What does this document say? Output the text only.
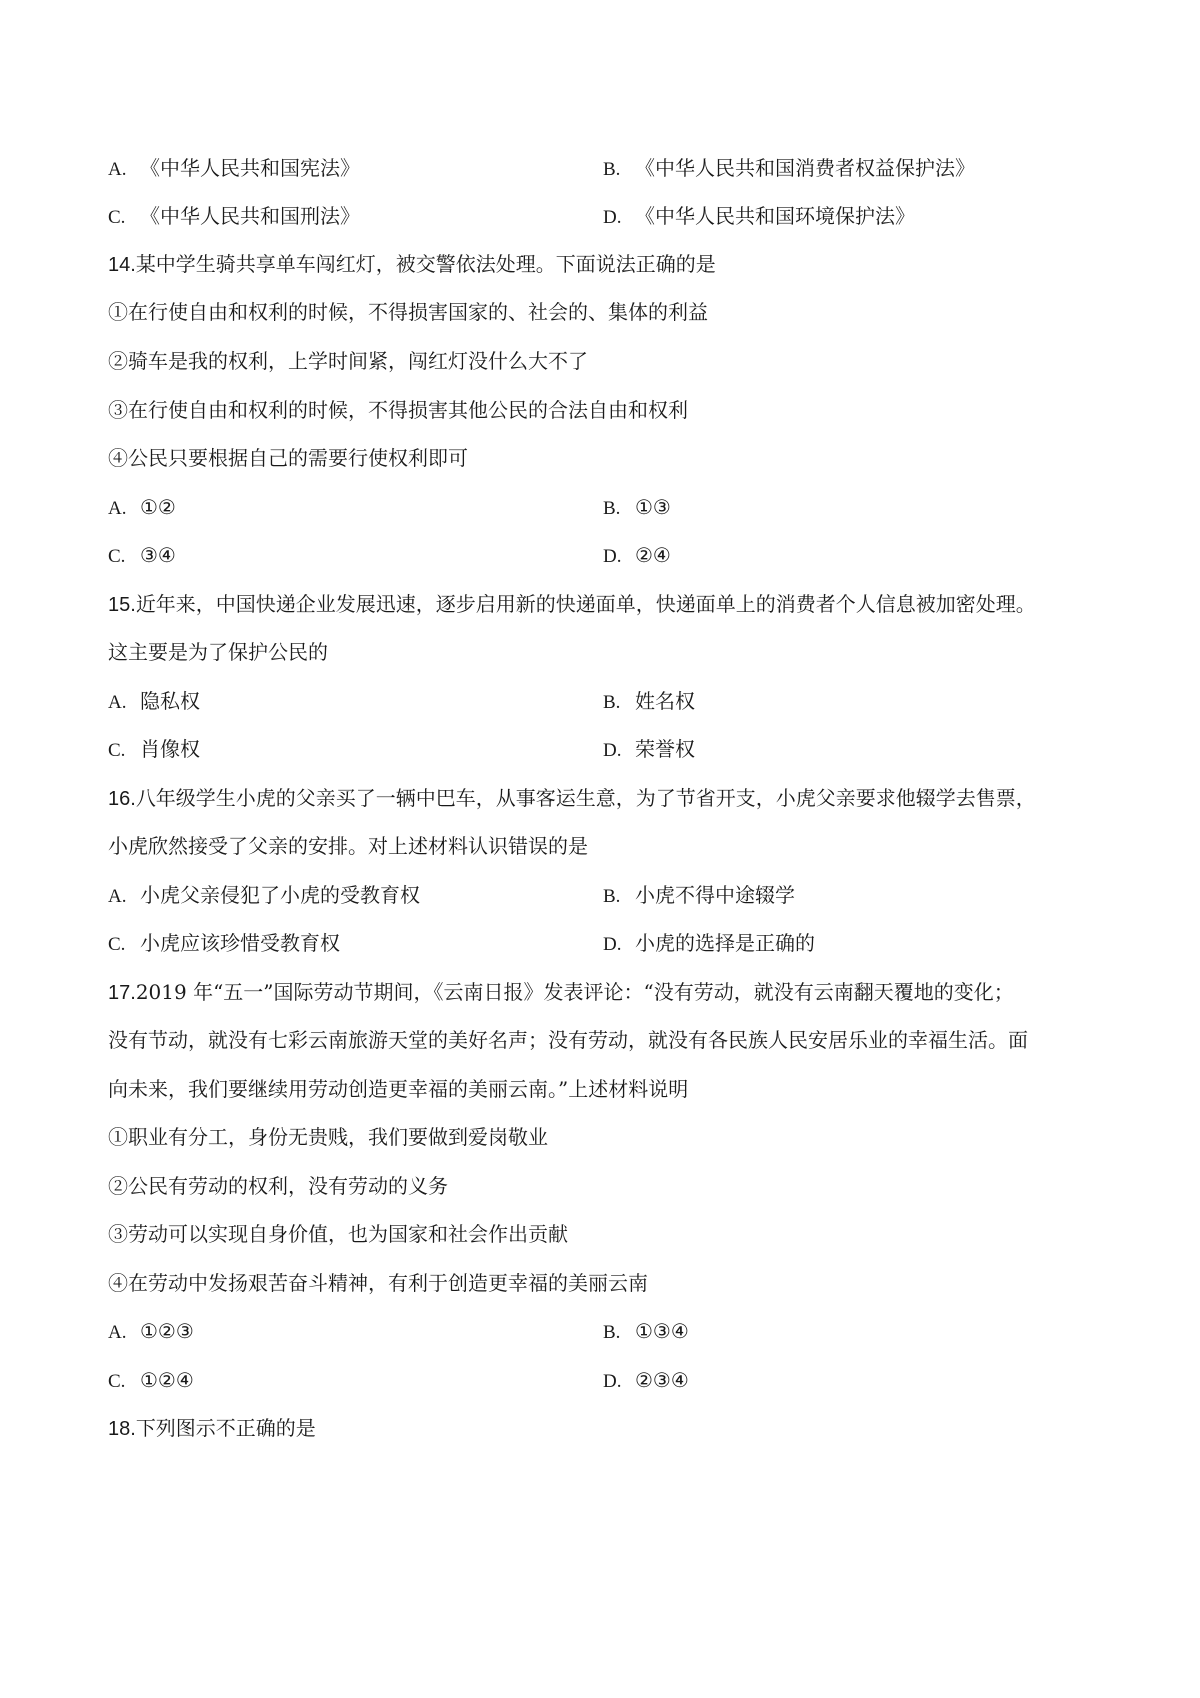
A. 《中华人民共和国宪法》	B. 《中华人民共和国消费者权益保护法》
C. 《中华人民共和国刑法》	D. 《中华人民共和国环境保护法》
14.某中学生骑共享单车闯红灯，被交警依法处理。下面说法正确的是
①在行使自由和权利的时候，不得损害国家的、社会的、集体的利益
②骑车是我的权利，上学时间紧，闯红灯没什么大不了
③在行使自由和权利的时候，不得损害其他公民的合法自由和权利
④公民只要根据自己的需要行使权利即可
A. ①②	B. ①③
C. ③④	D. ②④
15.近年来，中国快递企业发展迅速，逐步启用新的快递面单，快递面单上的消费者个人信息被加密处理。
这主要是为了保护公民的
A. 隐私权	B. 姓名权
C. 肖像权	D. 荣誉权
16.八年级学生小虎的父亲买了一辆中巴车，从事客运生意，为了节省开支，小虎父亲要求他辍学去售票，
小虎欣然接受了父亲的安排。对上述材料认识错误的是
A. 小虎父亲侵犯了小虎的受教育权	B. 小虎不得中途辍学
C. 小虎应该珍惜受教育权	D. 小虎的选择是正确的
17.2019 年“五一”国际劳动节期间，《云南日报》发表评论：“没有劳动，就没有云南翻天覆地的变化；
没有节动，就没有七彩云南旅游天堂的美好名声；没有劳动，就没有各民族人民安居乐业的幸福生活。面
向未来，我们要继续用劳动创造更幸福的美丽云南。”上述材料说明
①职业有分工，身份无贵贱，我们要做到爱岗敬业
②公民有劳动的权利，没有劳动的义务
③劳动可以实现自身价值，也为国家和社会作出贡献
④在劳动中发扬艰苦奋斗精神，有利于创造更幸福的美丽云南
A. ①②③	B. ①③④
C. ①②④	D. ②③④
18.下列图示不正确的是
